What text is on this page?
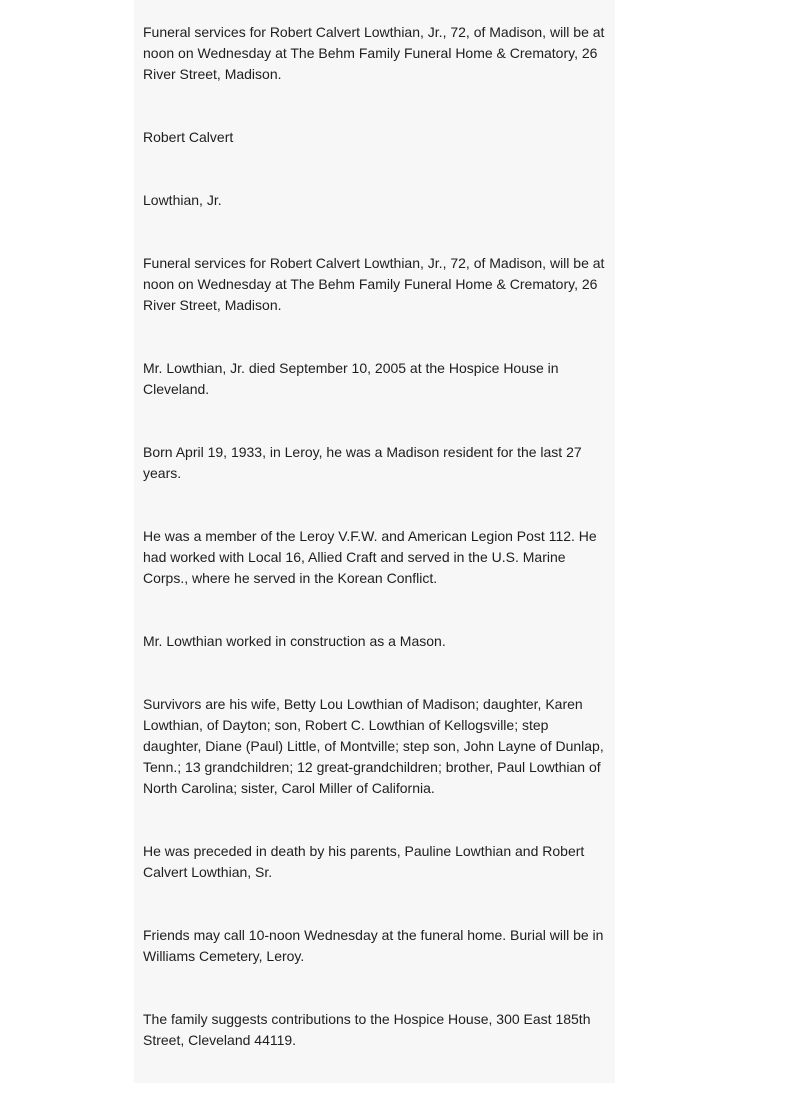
Funeral services for Robert Calvert Lowthian, Jr., 72, of Madison, will be at noon on Wednesday at The Behm Family Funeral Home & Crematory, 26 River Street, Madison.

Robert Calvert

Lowthian, Jr.

Funeral services for Robert Calvert Lowthian, Jr., 72, of Madison, will be at noon on Wednesday at The Behm Family Funeral Home & Crematory, 26 River Street, Madison.

Mr. Lowthian, Jr. died September 10, 2005 at the Hospice House in Cleveland.

Born April 19, 1933, in Leroy, he was a Madison resident for the last 27 years.

He was a member of the Leroy V.F.W. and American Legion Post 112. He had worked with Local 16, Allied Craft and served in the U.S. Marine Corps., where he served in the Korean Conflict.

Mr. Lowthian worked in construction as a Mason.

Survivors are his wife, Betty Lou Lowthian of Madison; daughter, Karen Lowthian, of Dayton; son, Robert C. Lowthian of Kellogsville; step daughter, Diane (Paul) Little, of Montville; step son, John Layne of Dunlap, Tenn.; 13 grandchildren; 12 great-grandchildren; brother, Paul Lowthian of North Carolina; sister, Carol Miller of California.

He was preceded in death by his parents, Pauline Lowthian and Robert Calvert Lowthian, Sr.

Friends may call 10-noon Wednesday at the funeral home. Burial will be in Williams Cemetery, Leroy.

The family suggests contributions to the Hospice House, 300 East 185th Street, Cleveland 44119.
